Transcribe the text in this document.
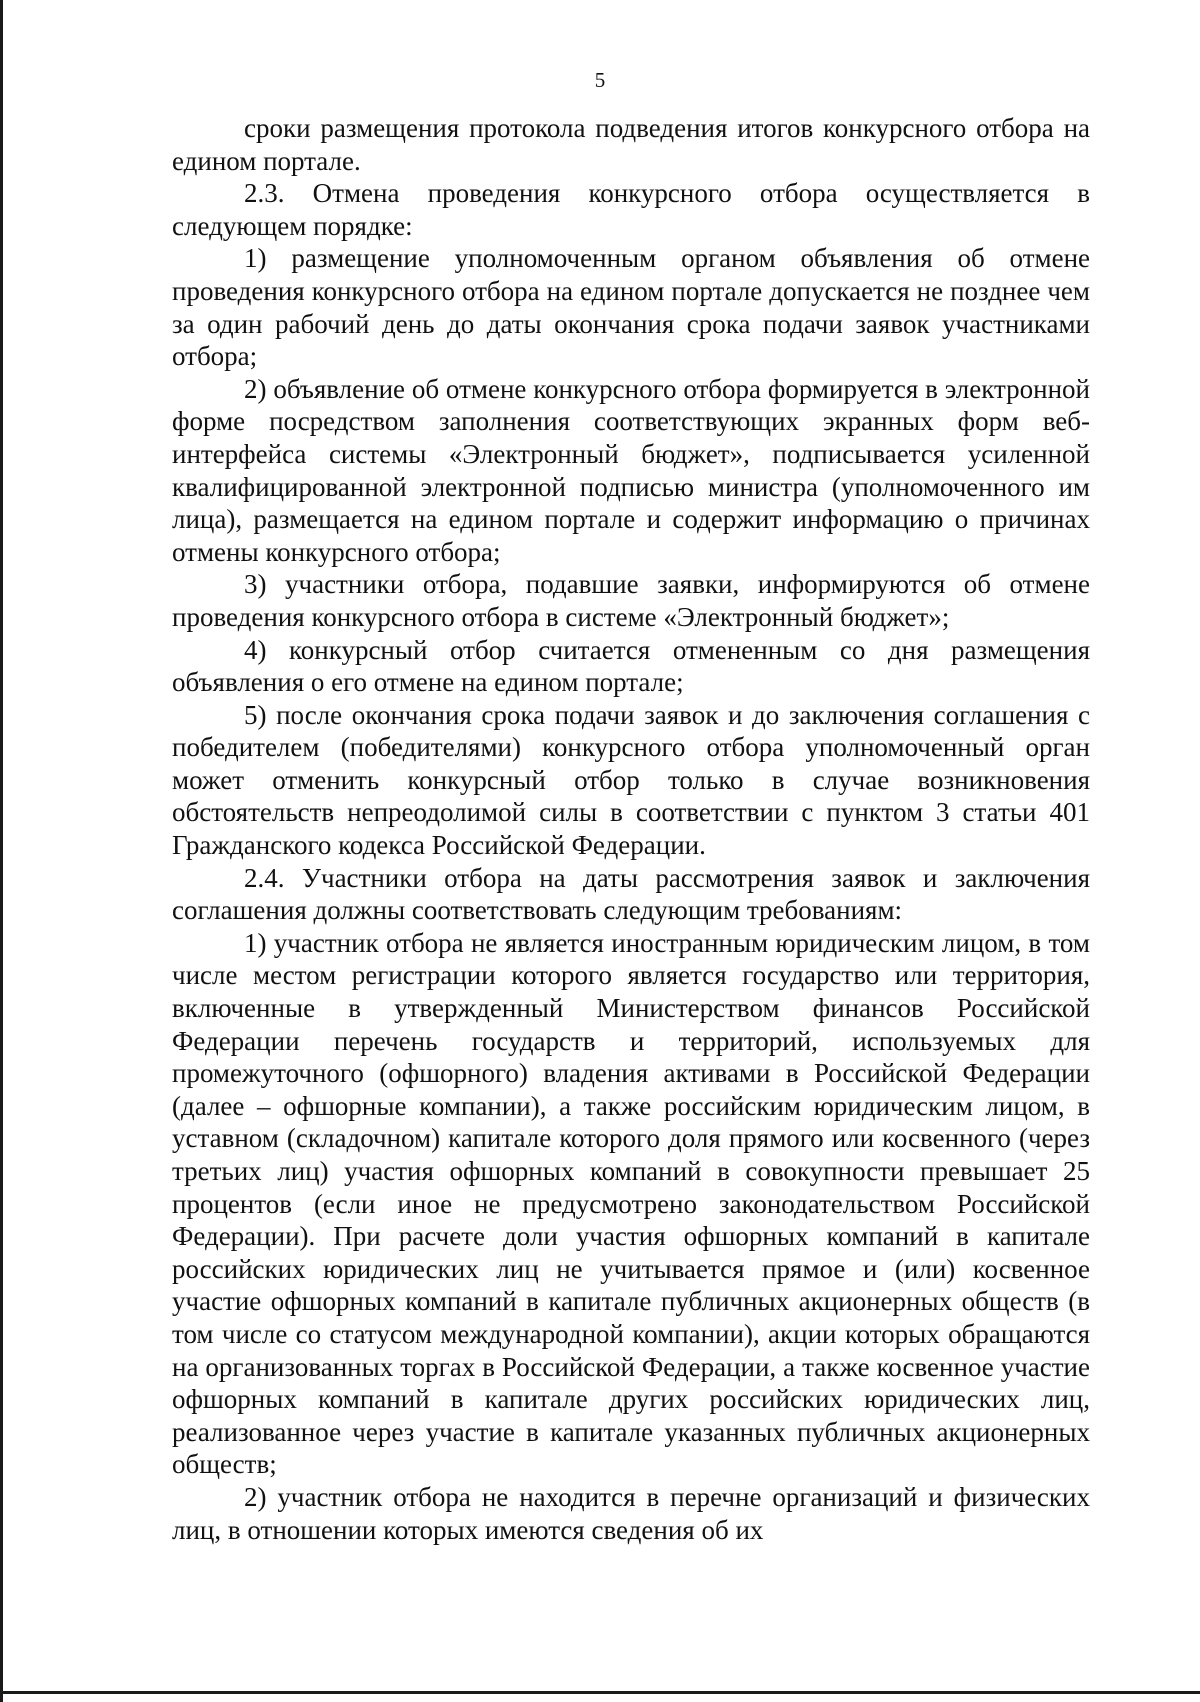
5

сроки размещения протокола подведения итогов конкурсного отбора на едином портале.

2.3. Отмена проведения конкурсного отбора осуществляется в следующем порядке:

1) размещение уполномоченным органом объявления об отмене проведения конкурсного отбора на едином портале допускается не позднее чем за один рабочий день до даты окончания срока подачи заявок участниками отбора;

2) объявление об отмене конкурсного отбора формируется в электронной форме посредством заполнения соответствующих экранных форм веб-интерфейса системы «Электронный бюджет», подписывается усиленной квалифицированной электронной подписью министра (уполномоченного им лица), размещается на едином портале и содержит информацию о причинах отмены конкурсного отбора;

3) участники отбора, подавшие заявки, информируются об отмене проведения конкурсного отбора в системе «Электронный бюджет»;

4) конкурсный отбор считается отмененным со дня размещения объявления о его отмене на едином портале;

5) после окончания срока подачи заявок и до заключения соглашения с победителем (победителями) конкурсного отбора уполномоченный орган может отменить конкурсный отбор только в случае возникновения обстоятельств непреодолимой силы в соответствии с пунктом 3 статьи 401 Гражданского кодекса Российской Федерации.

2.4. Участники отбора на даты рассмотрения заявок и заключения соглашения должны соответствовать следующим требованиям:

1) участник отбора не является иностранным юридическим лицом, в том числе местом регистрации которого является государство или территория, включенные в утвержденный Министерством финансов Российской Федерации перечень государств и территорий, используемых для промежуточного (офшорного) владения активами в Российской Федерации (далее – офшорные компании), а также российским юридическим лицом, в уставном (складочном) капитале которого доля прямого или косвенного (через третьих лиц) участия офшорных компаний в совокупности превышает 25 процентов (если иное не предусмотрено законодательством Российской Федерации). При расчете доли участия офшорных компаний в капитале российских юридических лиц не учитывается прямое и (или) косвенное участие офшорных компаний в капитале публичных акционерных обществ (в том числе со статусом международной компании), акции которых обращаются на организованных торгах в Российской Федерации, а также косвенное участие офшорных компаний в капитале других российских юридических лиц, реализованное через участие в капитале указанных публичных акционерных обществ;

2) участник отбора не находится в перечне организаций и физических лиц, в отношении которых имеются сведения об их
